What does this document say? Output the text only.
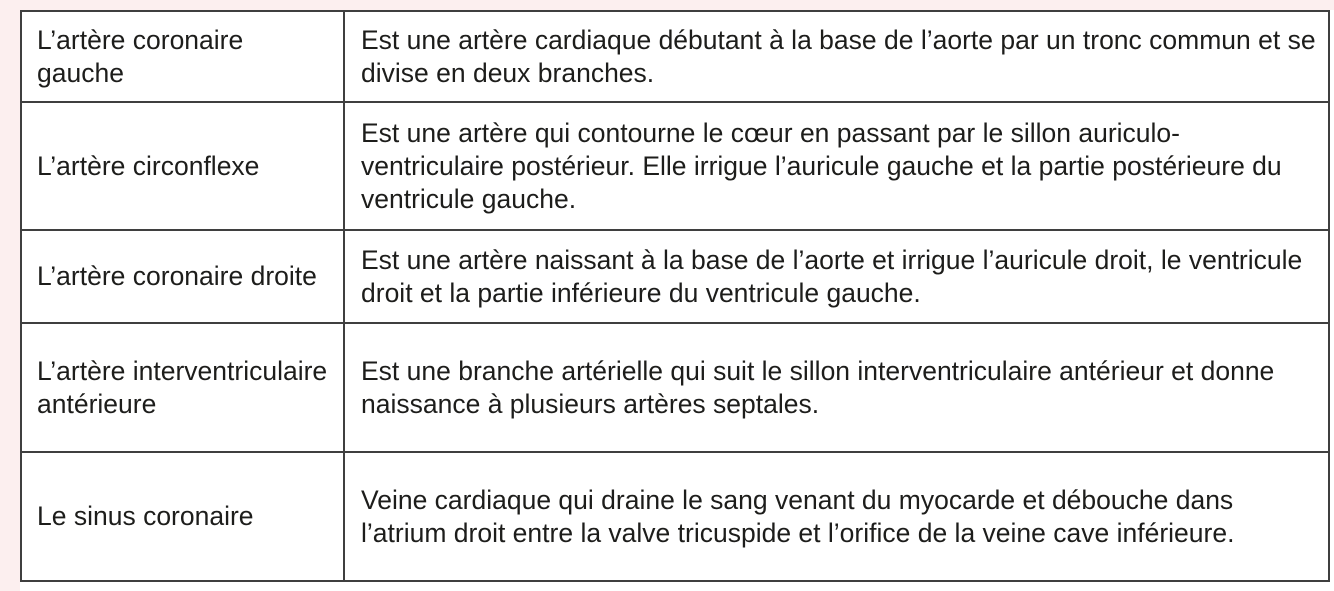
L’artère coronaire gauche	Est une artère cardiaque débutant à la base de l’aorte par un tronc commun et se divise en deux branches.
L’artère circonflexe	Est une artère qui contourne le cœur en passant par le sillon auriculo-ventriculaire postérieur. Elle irrigue l’auricule gauche et la partie postérieure du ventricule gauche.
L’artère coronaire droite	Est une artère naissant à la base de l’aorte et irrigue l’auricule droit, le ventricule droit et la partie inférieure du ventricule gauche.
L’artère interventriculaire antérieure	Est une branche artérielle qui suit le sillon interventriculaire antérieur et donne naissance à plusieurs artères septales.
Le sinus coronaire	Veine cardiaque qui draine le sang venant du myocarde et débouche dans l’atrium droit entre la valve tricuspide et l’orifice de la veine cave inférieure.
